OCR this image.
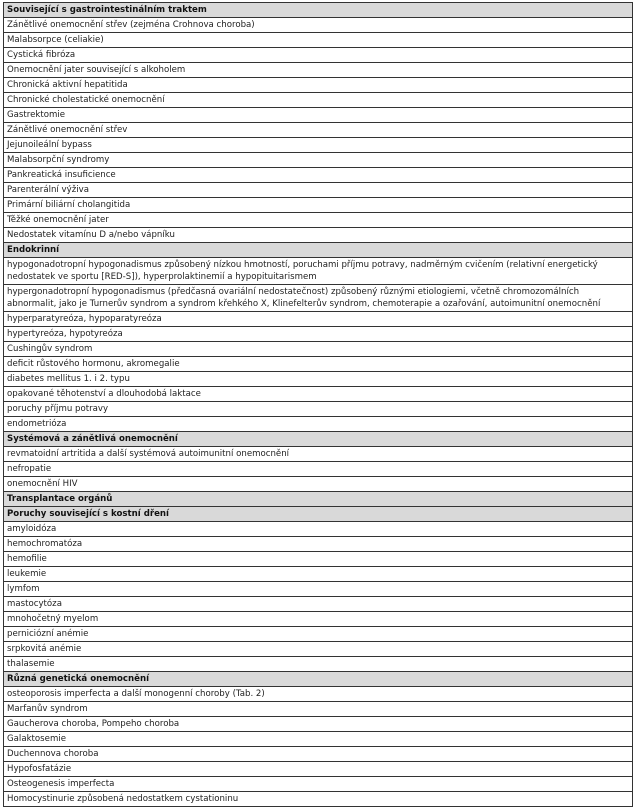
Související s gastrointestinálním traktem
Zánětlivé onemocnění střev (zejména Crohnova choroba)
Malabsorpce (celiakie)
Cystická fibróza
Onemocnění jater související s alkoholem
Chronická aktivní hepatitida
Chronické cholestatické onemocnění
Gastrektomie
Zánětlivé onemocnění střev
Jejunoileální bypass
Malabsorpční syndromy
Pankreatická insuficience
Parenterální výživa
Primární biliární cholangitida
Těžké onemocnění jater
Nedostatek vitamínu D a/nebo vápníku
Endokrinní
hypogonadotropní hypogonadismus způsobený nízkou hmotností, poruchami příjmu potravy, nadměrným cvičením (relativní energetický nedostatek ve sportu [RED-S]), hyperprolaktinemií a hypopituitarismem
hypergonadotropní hypogonadismus (předčasná ovariální nedostatečnost) způsobený různými etiologiemi, včetně chromozomálních abnormalit, jako je Turnerův syndrom a syndrom křehkého X, Klinefelterův syndrom, chemoterapie a ozařování, autoimunitní onemocnění
hyperparatyreóza, hypoparatyreóza
hypertyreóza, hypotyreóza
Cushingův syndrom
deficit růstového hormonu, akromegalie
diabetes mellitus 1. i 2. typu
opakované těhotenství a dlouhodobá laktace
poruchy příjmu potravy
endometrióza
Systémová a zánětlivá onemocnění
revmatoidní artritida a další systémová autoimunitní onemocnění
nefropatie
onemocnění HIV
Transplantace orgánů
Poruchy související s kostní dření
amyloidóza
hemochromatóza
hemofilie
leukemie
lymfom
mastocytóza
mnohočetný myelom
perniciózní anémie
srpkovitá anémie
thalasemie
Různá genetická onemocnění
osteoporosis imperfecta a další monogenní choroby (Tab. 2)
Marfanův syndrom
Gaucherova choroba, Pompeho choroba
Galaktosemie
Duchennova choroba
Hypofosfatázie
Osteogenesis imperfecta
Homocystinurie způsobená nedostatkem cystationinu
